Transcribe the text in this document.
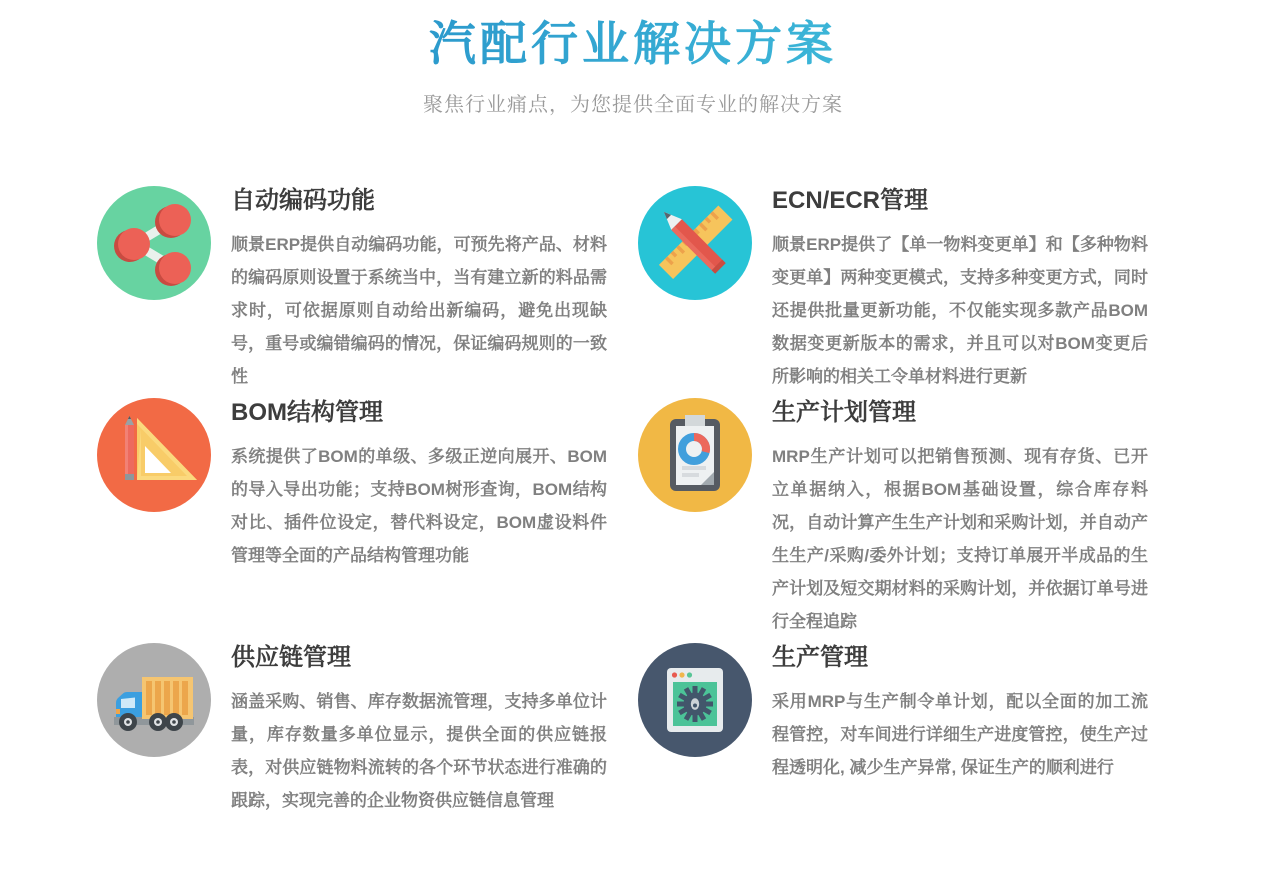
汽配行业解决方案

聚焦行业痛点，为您提供全面专业的解决方案

自动编码功能

顺景ERP提供自动编码功能，可预先将产品、材料的编码原则设置于系统当中，当有建立新的料品需求时，可依据原则自动给出新编码，避免出现缺号，重号或编错编码的情况，保证编码规则的一致性

ECN/ECR管理

顺景ERP提供了【单一物料变更单】和【多种物料变更单】两种变更模式，支持多种变更方式，同时还提供批量更新功能，不仅能实现多款产品BOM数据变更新版本的需求，并且可以对BOM变更后所影响的相关工令单材料进行更新

BOM结构管理

系统提供了BOM的单级、多级正逆向展开、BOM的导入导出功能；支持BOM树形查询，BOM结构对比、插件位设定，替代料设定，BOM虚设料件管理等全面的产品结构管理功能

生产计划管理

MRP生产计划可以把销售预测、现有存货、已开立单据纳入，根据BOM基础设置，综合库存料况，自动计算产生生产计划和采购计划，并自动产生生产/采购/委外计划；支持订单展开半成品的生产计划及短交期材料的采购计划，并依据订单号进行全程追踪

供应链管理

涵盖采购、销售、库存数据流管理，支持多单位计量，库存数量多单位显示，提供全面的供应链报表，对供应链物料流转的各个环节状态进行准确的跟踪，实现完善的企业物资供应链信息管理

生产管理

采用MRP与生产制令单计划，配以全面的加工流程管控，对车间进行详细生产进度管控，使生产过程透明化, 减少生产异常, 保证生产的顺利进行
